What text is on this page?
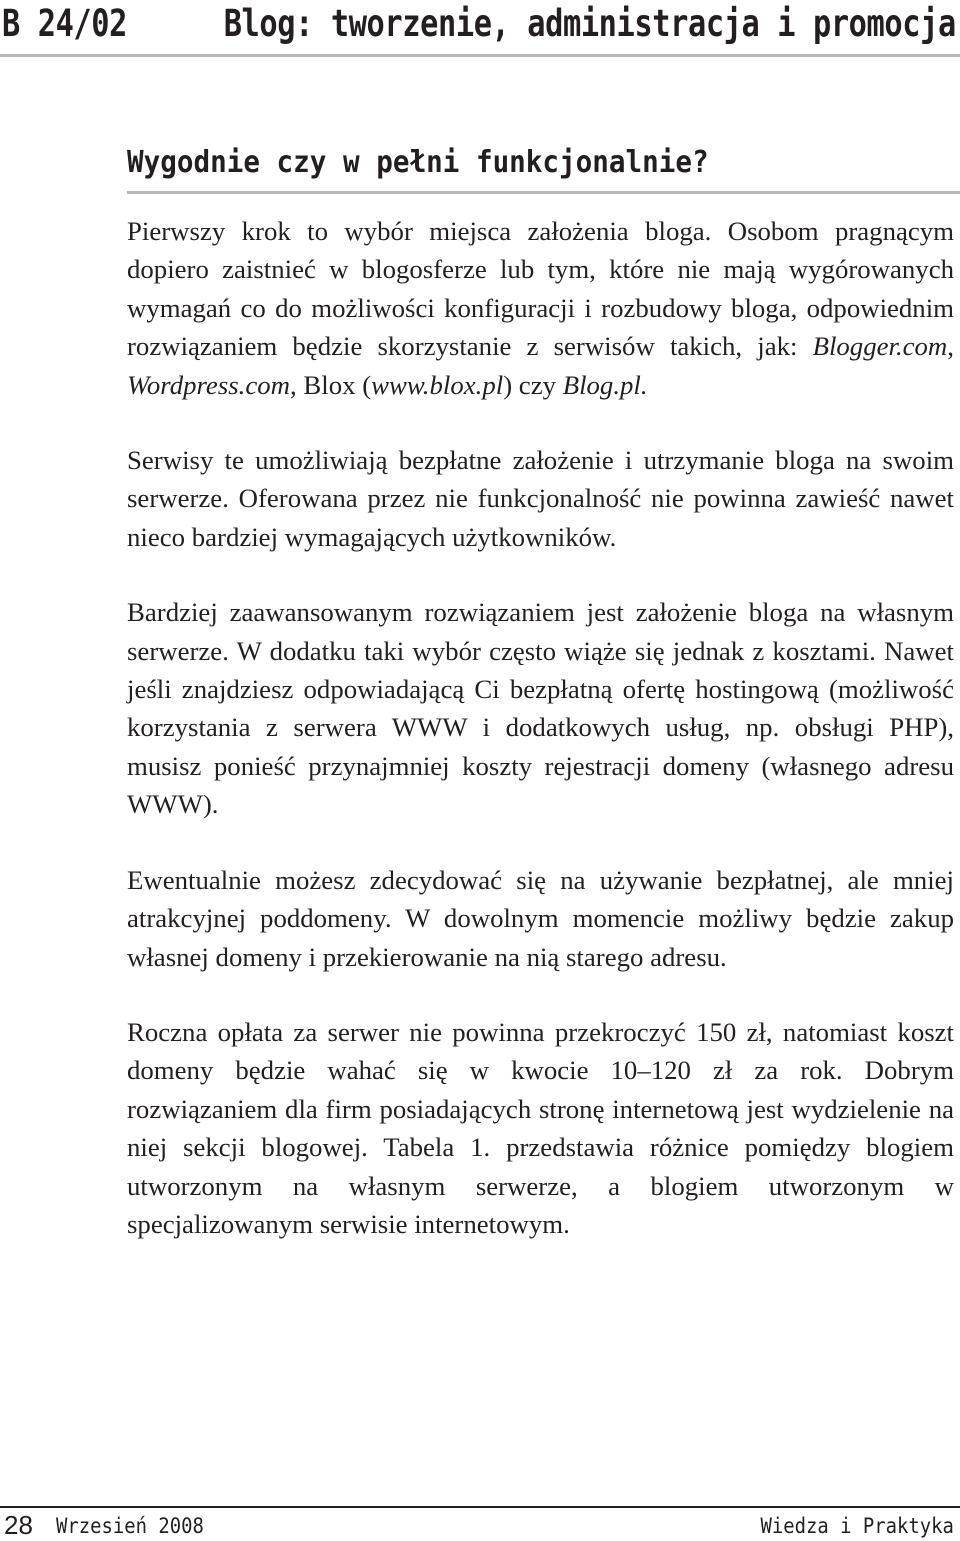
B 24/02	Blog: tworzenie, administracja i promocja
Wygodnie czy w pełni funkcjonalnie?

Pierwszy krok to wybór miejsca założenia bloga. Osobom pragnącym dopiero zaistnieć w blogosferze lub tym, które nie mają wygórowanych wymagań co do możliwości konfiguracji i rozbudowy bloga, odpowiednim rozwiązaniem będzie skorzystanie z serwisów takich, jak: Blogger.com, Wordpress.com, Blox (www.blox.pl) czy Blog.pl.

Serwisy te umożliwiają bezpłatne założenie i utrzymanie bloga na swoim serwerze. Oferowana przez nie funkcjonalność nie powinna zawieść nawet nieco bardziej wymagających użytkowników.

Bardziej zaawansowanym rozwiązaniem jest założenie bloga na własnym serwerze. W dodatku taki wybór często wiąże się jednak z kosztami. Nawet jeśli znajdziesz odpowiadającą Ci bezpłatną ofertę hostingową (możliwość korzystania z serwera WWW i dodatkowych usług, np. obsługi PHP), musisz ponieść przynajmniej koszty rejestracji domeny (własnego adresu WWW).

Ewentualnie możesz zdecydować się na używanie bezpłatnej, ale mniej atrakcyjnej poddomeny. W dowolnym momencie możliwy będzie zakup własnej domeny i przekierowanie na nią starego adresu.

Roczna opłata za serwer nie powinna przekroczyć 150 zł, natomiast koszt domeny będzie wahać się w kwocie 10–120 zł za rok. Dobrym rozwiązaniem dla firm posiadających stronę internetową jest wydzielenie na niej sekcji blogowej. Tabela 1. przedstawia różnice pomiędzy blogiem utworzonym na własnym serwerze, a blogiem utworzonym w specjalizowanym serwisie internetowym.

28 Wrzesień 2008	Wiedza i Praktyka
